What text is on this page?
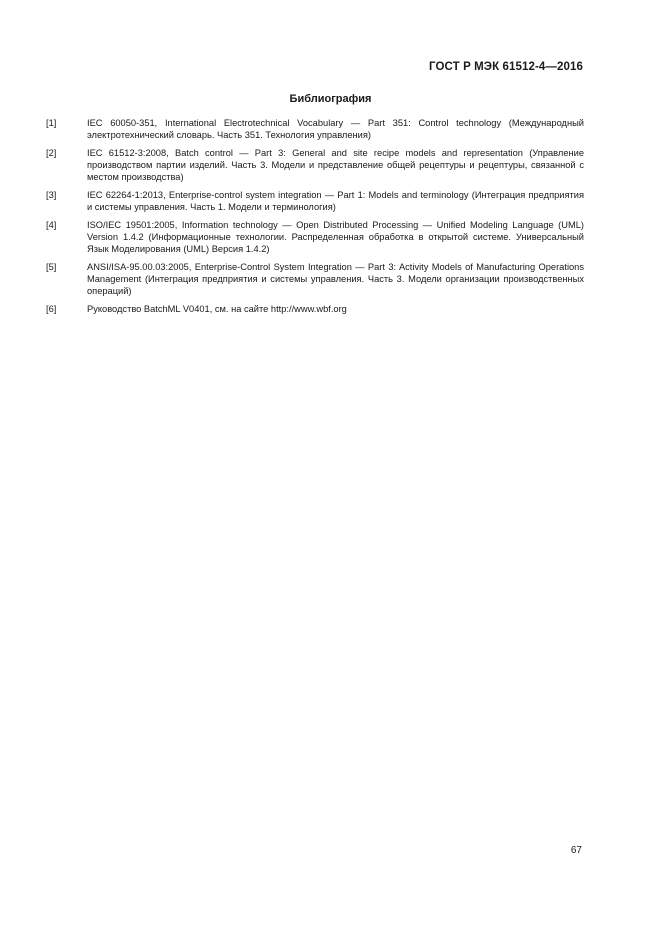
ГОСТ Р МЭК 61512-4—2016
Библиография
[1]	IEC 60050-351, International Electrotechnical Vocabulary — Part 351: Control technology (Международный электротехнический словарь. Часть 351. Технология управления)
[2]	IEC 61512-3:2008, Batch control — Part 3: General and site recipe models and representation (Управление производством партии изделий. Часть 3. Модели и представление общей рецептуры и рецептуры, связанной с местом производства)
[3]	IEC 62264-1:2013, Enterprise-control system integration — Part 1: Models and terminology (Интеграция предприятия и системы управления. Часть 1. Модели и терминология)
[4]	ISO/IEC 19501:2005, Information technology — Open Distributed Processing — Unified Modeling Language (UML) Version 1.4.2 (Информационные технологии. Распределенная обработка в открытой системе. Универсальный Язык Моделирования (UML) Версия 1.4.2)
[5]	ANSI/ISA-95.00.03:2005, Enterprise-Control System Integration — Part 3: Activity Models of Manufacturing Operations Management (Интеграция предприятия и системы управления. Часть 3. Модели организации производственных операций)
[6]	Руководство BatchML V0401, см. на сайте http://www.wbf.org
67
